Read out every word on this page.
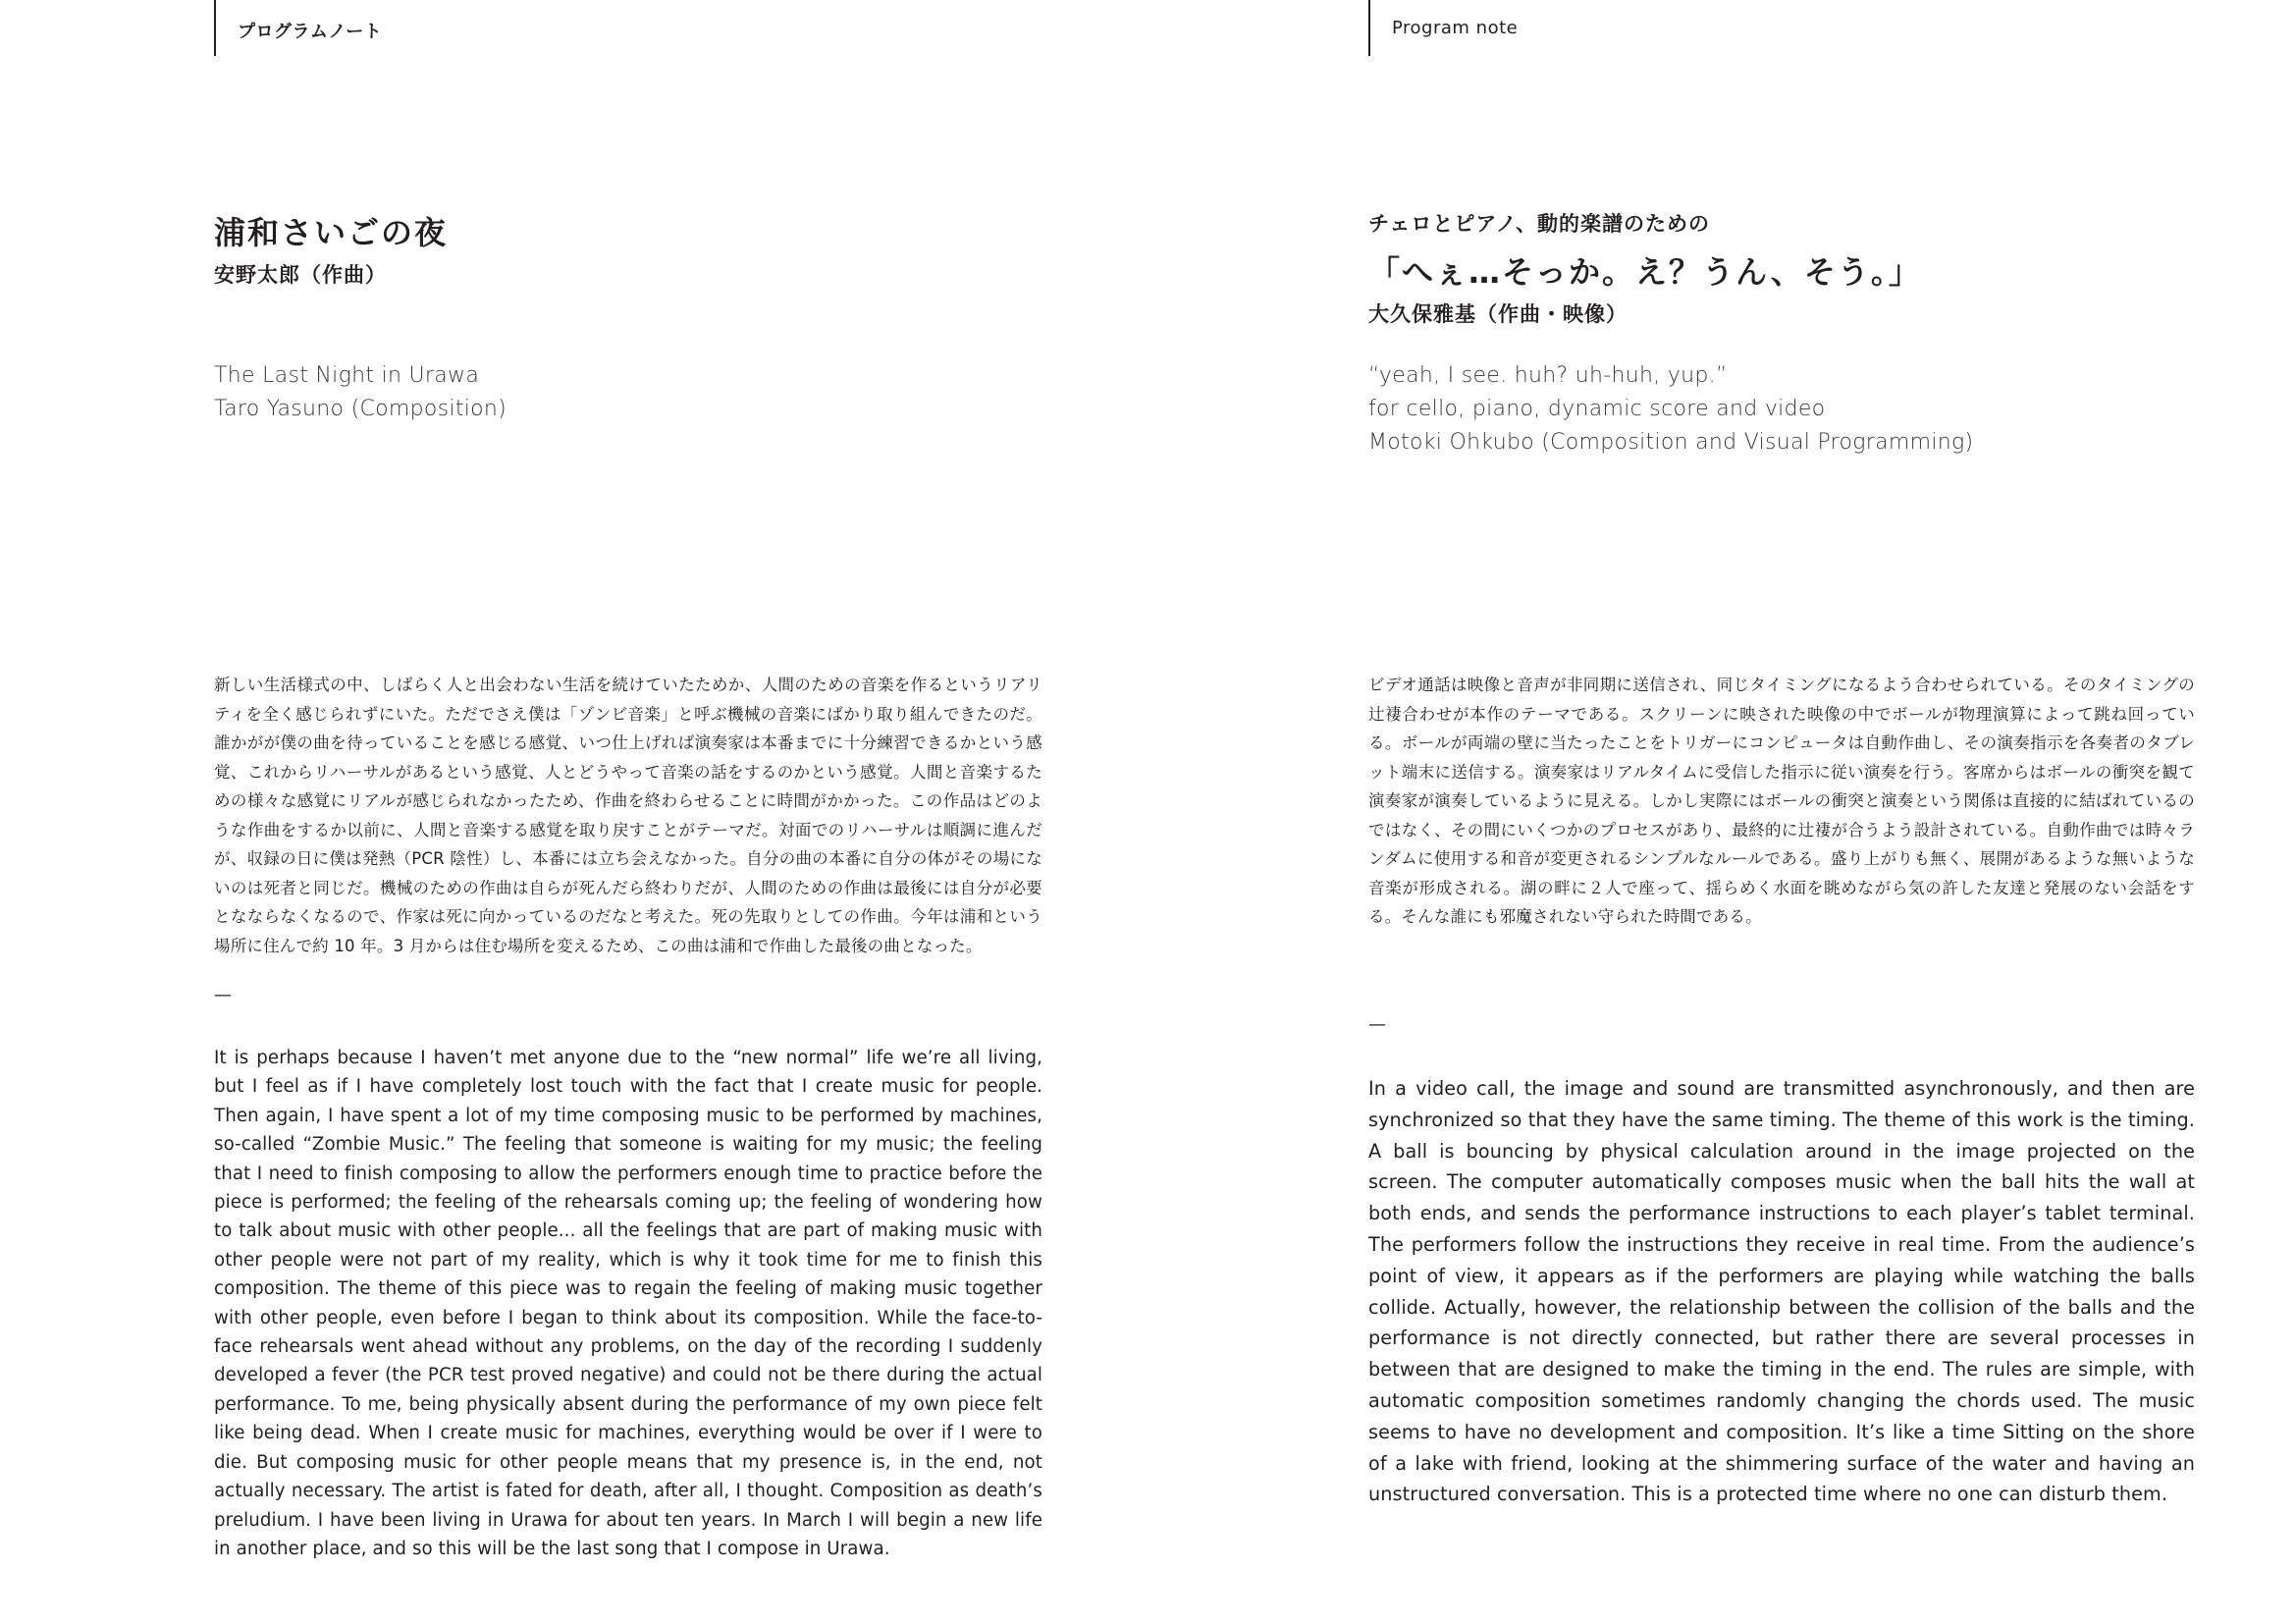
プログラムノート

浦和さいごの夜

安野太郎（作曲）

The Last Night in Urawa
Taro Yasuno (Composition)
新しい生活様式の中、しばらく人と出会わない生活を続けていたためか、人間のための音楽を作るというリアリティを全く感じられずにいた。ただでさえ僕は「ゾンビ音楽」と呼ぶ機械の音楽にばかり取り組んできたのだ。誰かがが僕の曲を待っていることを感じる感覚、いつ仕上げれば演奏家は本番までに十分練習できるかという感覚、これからリハーサルがあるという感覚、人とどうやって音楽の話をするのかという感覚。人間と音楽するための様々な感覚にリアルが感じられなかったため、作曲を終わらせることに時間がかかった。この作品はどのような作曲をするか以前に、人間と音楽する感覚を取り戻すことがテーマだ。対面でのリハーサルは順調に進んだが、収録の日に僕は発熱（PCR 陰性）し、本番には立ち会えなかった。自分の曲の本番に自分の体がその場にないのは死者と同じだ。機械のための作曲は自らが死んだら終わりだが、人間のための作曲は最後には自分が必要となならなくなるので、作家は死に向かっているのだなと考えた。死の先取りとしての作曲。今年は浦和という場所に住んで約 10 年。3 月からは住む場所を変えるため、この曲は浦和で作曲した最後の曲となった。
—
It is perhaps because I haven’t met anyone due to the “new normal” life we’re all living, but I feel as if I have completely lost touch with the fact that I create music for people. Then again, I have spent a lot of my time composing music to be performed by machines, so-called “Zombie Music.” The feeling that someone is waiting for my music; the feeling that I need to finish composing to allow the performers enough time to practice before the piece is performed; the feeling of the rehearsals coming up; the feeling of wondering how to talk about music with other people... all the feelings that are part of making music with other people were not part of my reality, which is why it took time for me to finish this composition. The theme of this piece was to regain the feeling of making music together with other people, even before I began to think about its composition. While the face-to-face rehearsals went ahead without any problems, on the day of the recording I suddenly developed a fever (the PCR test proved negative) and could not be there during the actual performance. To me, being physically absent during the performance of my own piece felt like being dead. When I create music for machines, everything would be over if I were to die. But composing music for other people means that my presence is, in the end, not actually necessary. The artist is fated for death, after all, I thought. Composition as death’s preludium. I have been living in Urawa for about ten years. In March I will begin a new life in another place, and so this will be the last song that I compose in Urawa.
Program note

チェロとピアノ、動的楽譜のための

「へぇ…そっか。え？うん、そう。」

大久保雅基（作曲・映像）

“yeah, I see. huh? uh-huh, yup.”
for cello, piano, dynamic score and video
Motoki Ohkubo (Composition and Visual Programming)
ビデオ通話は映像と音声が非同期に送信され、同じタイミングになるよう合わせられている。そのタイミングの辻褄合わせが本作のテーマである。スクリーンに映された映像の中でボールが物理演算によって跳ね回っている。ボールが両端の壁に当たったことをトリガーにコンピュータは自動作曲し、その演奏指示を各奏者のタブレット端末に送信する。演奏家はリアルタイムに受信した指示に従い演奏を行う。客席からはボールの衝突を観て演奏家が演奏しているように見える。しかし実際にはボールの衝突と演奏という関係は直接的に結ばれているのではなく、その間にいくつかのプロセスがあり、最終的に辻褄が合うよう設計されている。自動作曲では時々ランダムに使用する和音が変更されるシンプルなルールである。盛り上がりも無く、展開があるような無いような音楽が形成される。湖の畔に２人で座って、揺らめく水面を眺めながら気の許した友達と発展のない会話をする。そんな誰にも邪魔されない守られた時間である。
—
In a video call, the image and sound are transmitted asynchronously, and then are synchronized so that they have the same timing. The theme of this work is the timing. A ball is bouncing by physical calculation around in the image projected on the screen. The computer automatically composes music when the ball hits the wall at both ends, and sends the performance instructions to each player’s tablet terminal. The performers follow the instructions they receive in real time. From the audience’s point of view, it appears as if the performers are playing while watching the balls collide. Actually, however, the relationship between the collision of the balls and the performance is not directly connected, but rather there are several processes in between that are designed to make the timing in the end. The rules are simple, with automatic composition sometimes randomly changing the chords used. The music seems to have no development and composition. It’s like a time Sitting on the shore of a lake with friend, looking at the shimmering surface of the water and having an unstructured conversation. This is a protected time where no one can disturb them.
